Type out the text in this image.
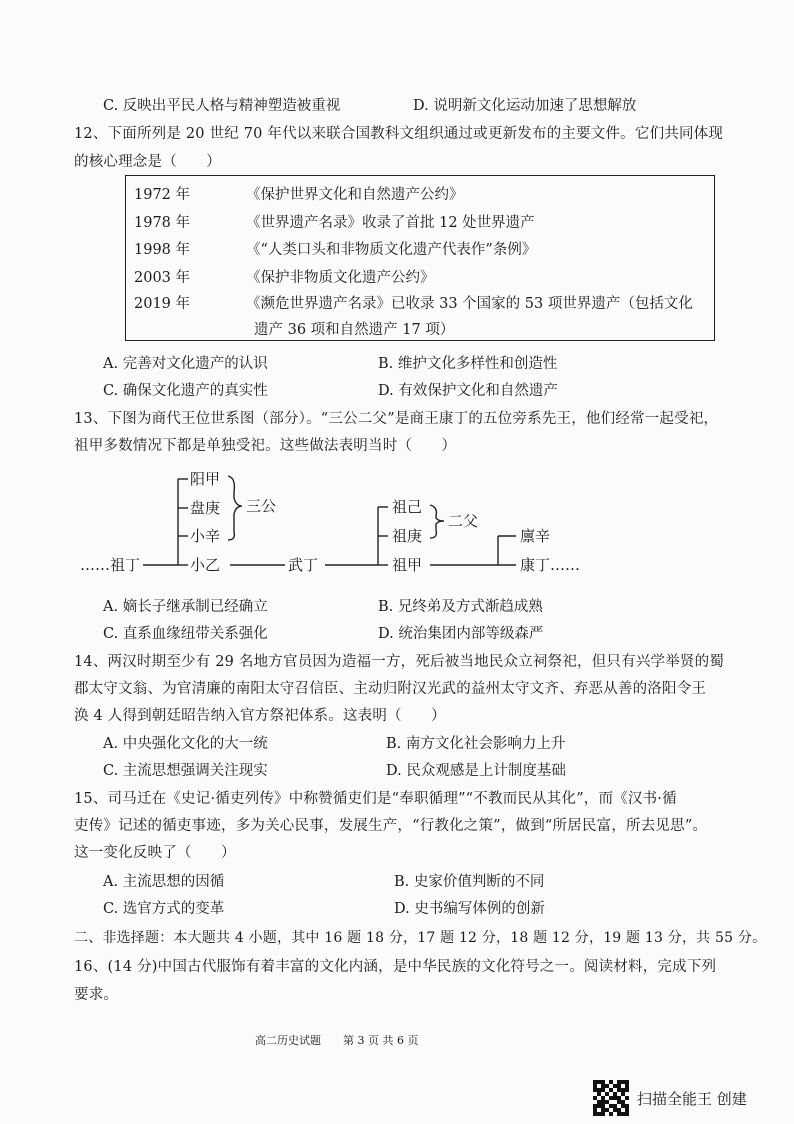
C. 反映出平民人格与精神塑造被重视	D. 说明新文化运动加速了思想解放
12、下面所列是 20 世纪 70 年代以来联合国教科文组织通过或更新发布的主要文件。它们共同体现
的核心理念是（　　）
1972 年	《保护世界文化和自然遗产公约》
1978 年	《世界遗产名录》收录了首批 12 处世界遗产
1998 年	《“人类口头和非物质文化遗产代表作”条例》
2003 年	《保护非物质文化遗产公约》
2019 年	《濒危世界遗产名录》已收录 33 个国家的 53 项世界遗产（包括文化
遗产 36 项和自然遗产 17 项）
A. 完善对文化遗产的认识	B. 维护文化多样性和创造性
C. 确保文化遗产的真实性	D. 有效保护文化和自然遗产
13、下图为商代王位世系图（部分）。“三公二父”是商王康丁的五位旁系先王，他们经常一起受祀，
祖甲多数情况下都是单独受祀。这些做法表明当时（　　）
……祖丁
阳甲
盘庚
小辛
小乙
三公
武丁
祖己
祖庚
祖甲
二父
廪辛
康丁……
A. 嫡长子继承制已经确立	B. 兄终弟及方式渐趋成熟
C. 直系血缘纽带关系强化	D. 统治集团内部等级森严
14、两汉时期至少有 29 名地方官员因为造福一方，死后被当地民众立祠祭祀，但只有兴学举贤的蜀
郡太守文翁、为官清廉的南阳太守召信臣、主动归附汉光武的益州太守文齐、弃恶从善的洛阳令王
涣 4 人得到朝廷昭告纳入官方祭祀体系。这表明（　　）
A. 中央强化文化的大一统	B. 南方文化社会影响力上升
C. 主流思想强调关注现实	D. 民众观感是上计制度基础
15、司马迁在《史记·循吏列传》中称赞循吏们是“奉职循理”“不教而民从其化”，而《汉书·循
吏传》记述的循吏事迹，多为关心民事，发展生产，“行教化之策”，做到“所居民富，所去见思”。
这一变化反映了（　　）
A. 主流思想的因循	B. 史家价值判断的不同
C. 选官方式的变革	D. 史书编写体例的创新
二、非选择题：本大题共 4 小题，其中 16 题 18 分，17 题 12 分，18 题 12 分，19 题 13 分，共 55 分。
16、(14 分)中国古代服饰有着丰富的文化内涵，是中华民族的文化符号之一。阅读材料，完成下列
要求。
高二历史试题　　第 3 页 共 6 页
扫描全能王 创建
